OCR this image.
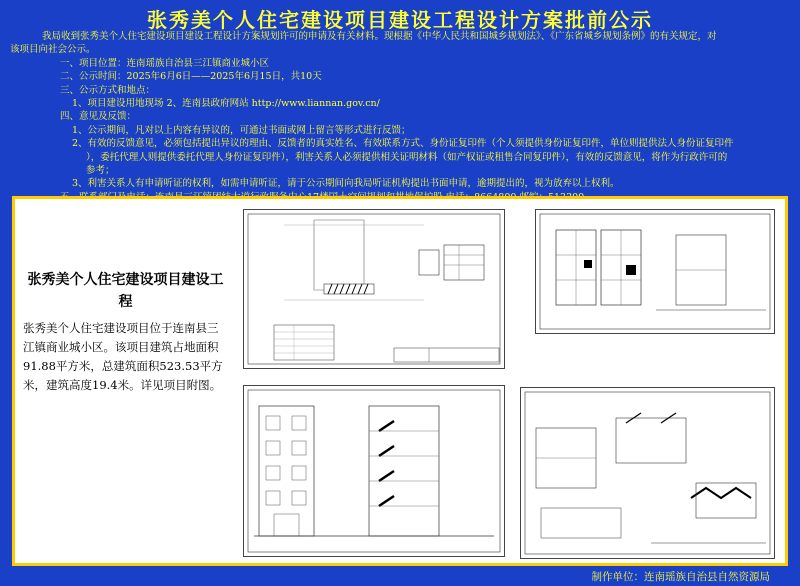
张秀美个人住宅建设项目建设工程设计方案批前公示
我局收到张秀美个人住宅建设项目建设工程设计方案规划许可的申请及有关材料。现根据《中华人民共和国城乡规划法》、《广东省城乡规划条例》的有关规定，对
该项目向社会公示。
一、项目位置：连南瑶族自治县三江镇商业城小区
二、公示时间：2025年6月6日——2025年6月15日，共10天
三、公示方式和地点：
1、项目建设用地现场 2、连南县政府网站 http://www.liannan.gov.cn/
四、意见及反馈：
1、公示期间，凡对以上内容有异议的，可通过书面或网上留言等形式进行反馈；
2、有效的反馈意见，必须包括提出异议的理由、反馈者的真实姓名、有效联系方式、身份证复印件（个人须提供身份证复印件，单位则提供法人身份证复印件
），委托代理人则提供委托代理人身份证复印件），利害关系人必须提供相关证明材料（如产权证或租售合同复印件），有效的反馈意见，将作为行政许可的
参考；
3、利害关系人有申请听证的权利，如需申请听证，请于公示期间向我局听证机构提出书面申请，逾期提出的，视为放弃以上权利。
张秀美个人住宅建设项目建设工程
张秀美个人住宅建设项目位于连南县三江镇商业城小区。该项目建筑占地面积91.88平方米，总建筑面积523.53平方米，建筑高度19.4米。详见项目附图。
制作单位：连南瑶族自治县自然资源局
